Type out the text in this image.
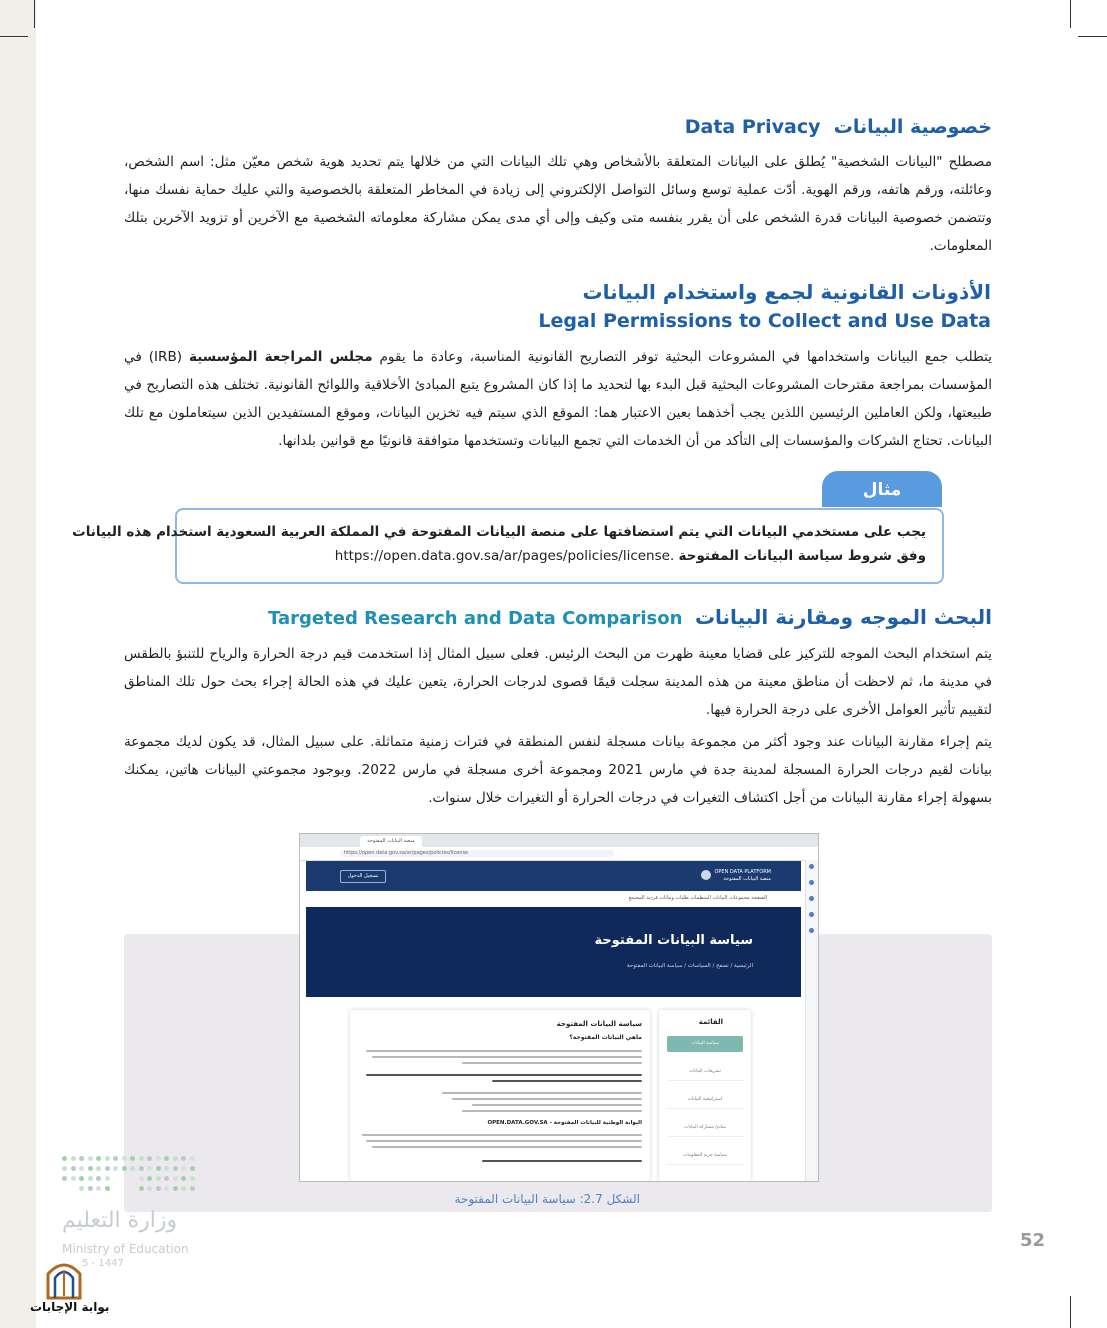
خصوصية البيانات  Data Privacy
مصطلح "البيانات الشخصية" يُطلق على البيانات المتعلقة بالأشخاص وهي تلك البيانات التي من خلالها يتم تحديد هوية شخص معيّن مثل: اسم الشخص، وعائلته، ورقم هاتفه، ورقم الهوية. أدّت عملية توسع وسائل التواصل الإلكتروني إلى زيادة في المخاطر المتعلقة بالخصوصية والتي عليك حماية نفسك منها، وتتضمن خصوصية البيانات قدرة الشخص على أن يقرر بنفسه متى وكيف وإلى أي مدى يمكن مشاركة معلوماته الشخصية مع الآخرين أو تزويد الآخرين بتلك المعلومات.
الأذونات القانونية لجمع واستخدام البيانات
Legal Permissions to Collect and Use Data
يتطلب جمع البيانات واستخدامها في المشروعات البحثية توفر التصاريح القانونية المناسبة، وعادة ما يقوم مجلس المراجعة المؤسسية (IRB) في المؤسسات بمراجعة مقترحات المشروعات البحثية قبل البدء بها لتحديد ما إذا كان المشروع يتبع المبادئ الأخلاقية واللوائح القانونية. تختلف هذه التصاريح في طبيعتها، ولكن العاملين الرئيسين اللذين يجب أخذهما بعين الاعتبار هما: الموقع الذي سيتم فيه تخزين البيانات، وموقع المستفيدين الذين سيتعاملون مع تلك البيانات. تحتاج الشركات والمؤسسات إلى التأكد من أن الخدمات التي تجمع البيانات وتستخدمها متوافقة قانونيًا مع قوانين بلدانها.
مثال
يجب على مستخدمي البيانات التي يتم استضافتها على منصة البيانات المفتوحة في المملكة العربية السعودية استخدام هذه البيانات
وفق شروط سياسة البيانات المفتوحة https://open.data.gov.sa/ar/pages/policies/license.
البحث الموجه ومقارنة البيانات  Targeted Research and Data Comparison
يتم استخدام البحث الموجه للتركيز على قضايا معينة ظهرت من البحث الرئيس. فعلى سبيل المثال إذا استخدمت قيم درجة الحرارة والرياح للتنبؤ بالطقس في مدينة ما، ثم لاحظت أن مناطق معينة من هذه المدينة سجلت قيمًا قصوى لدرجات الحرارة، يتعين عليك في هذه الحالة إجراء بحث حول تلك المناطق لتقييم تأثير العوامل الأخرى على درجة الحرارة فيها.
يتم إجراء مقارنة البيانات عند وجود أكثر من مجموعة بيانات مسجلة لنفس المنطقة في فترات زمنية متماثلة. على سبيل المثال، قد يكون لديك مجموعة بيانات لقيم درجات الحرارة المسجلة لمدينة جدة في مارس 2021 ومجموعة أخرى مسجلة في مارس 2022. وبوجود مجموعتي البيانات هاتين، يمكنك بسهولة إجراء مقارنة البيانات من أجل اكتشاف التغيرات في درجات الحرارة أو التغيرات خلال سنوات.
منصة البيانات المفتوحة
https://open.data.gov.sa/ar/pages/policies/license
تسجيل الدخول
OPEN DATA PLATFORM
منصة البيانات المفتوحة
الصفحة مجموعات البيانات المنظمات طلبات وبيانات فردية المجتمع
سياسة البيانات المفتوحة
الرئيسية / تصفح / السياسات / سياسة البيانات المفتوحة
سياسة البيانات المفتوحة
ماهي البيانات المفتوحة؟
OPEN.DATA.GOV.SA - البوابة الوطنية للبيانات المفتوحة
القائمة
سياسة البيانات
تشريعات البيانات
استراتيجية البيانات
مبادئ مشاركة البيانات
سياسة حرية المعلومات
الشكل 2.7: سياسة البيانات المفتوحة
52
وزارة التعليم
Ministry of Education
5 - 1447
بوابة الإجابات
